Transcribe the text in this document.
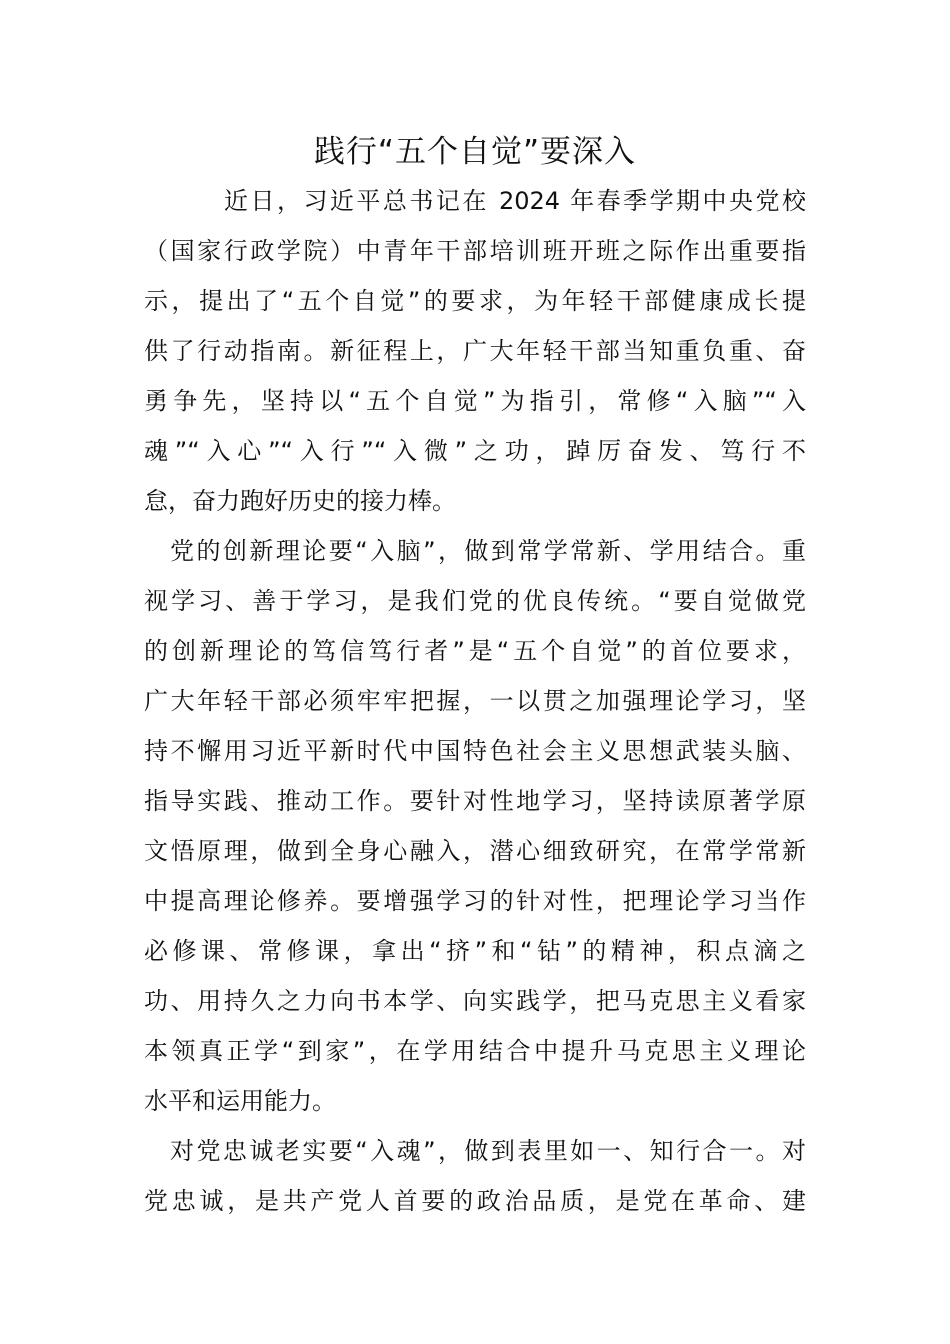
践行“五个自觉”要深入

近日，习近平总书记在 2024 年春季学期中央党校
（国家行政学院）中青年干部培训班开班之际作出重要指
示，提出了“五个自觉”的要求，为年轻干部健康成长提
供了行动指南。新征程上，广大年轻干部当知重负重、奋
勇争先，坚持以“五个自觉”为指引，常修“入脑”“入
魂”“入心”“入行”“入微”之功，踔厉奋发、笃行不
怠，奋力跑好历史的接力棒。

党的创新理论要“入脑”，做到常学常新、学用结合。重
视学习、善于学习，是我们党的优良传统。“要自觉做党
的创新理论的笃信笃行者”是“五个自觉”的首位要求，
广大年轻干部必须牢牢把握，一以贯之加强理论学习，坚
持不懈用习近平新时代中国特色社会主义思想武装头脑、
指导实践、推动工作。要针对性地学习，坚持读原著学原
文悟原理，做到全身心融入，潜心细致研究，在常学常新
中提高理论修养。要增强学习的针对性，把理论学习当作
必修课、常修课，拿出“挤”和“钻”的精神，积点滴之
功、用持久之力向书本学、向实践学，把马克思主义看家
本领真正学“到家”，在学用结合中提升马克思主义理论
水平和运用能力。

对党忠诚老实要“入魂”，做到表里如一、知行合一。对
党忠诚，是共产党人首要的政治品质，是党在革命、建
